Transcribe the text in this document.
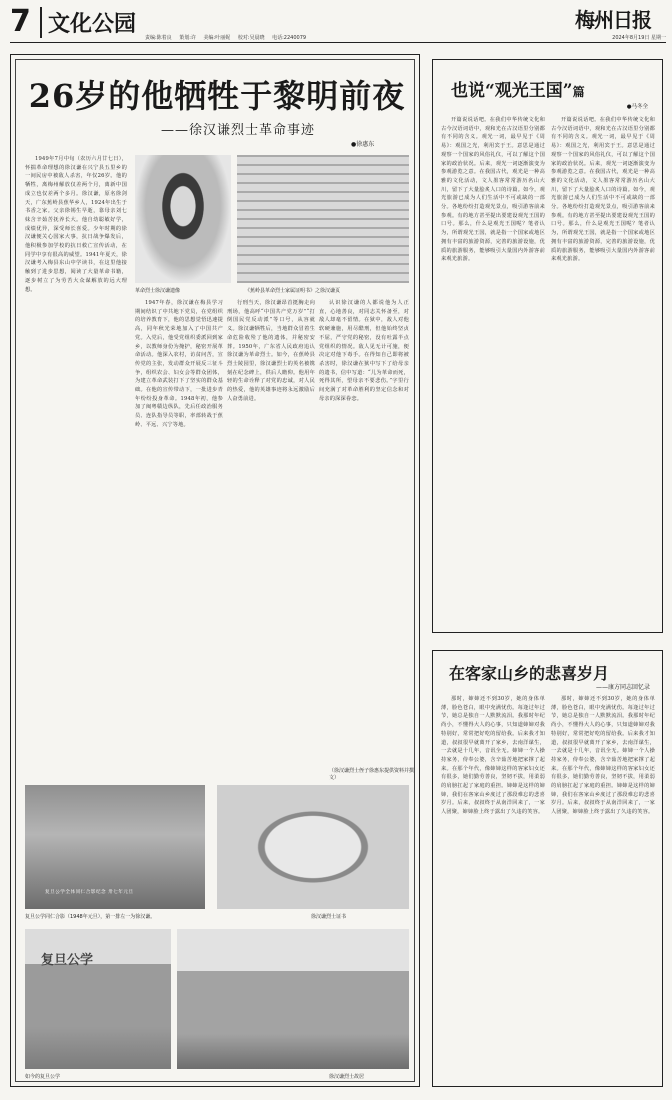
7 文化公园
责编:陈着良 策划:许 美编:叶丽妮 校对:吴晨晓 电话:2240079
梅州日报
2024年8月19日 星期一
26岁的他牺牲于黎明前夜
——徐汉谦烈士革命事迹
●徐惠东
1949年7月中旬（农历六月廿七日），怀揣革命理想的徐汉谦在兴宁县五里乡的一间民房中被敌人杀害，年仅26岁。他的牺牲，离梅州解放仅差两个月，离新中国成立也仅差两个多月。徐汉谦，原名徐剑天，广东蕉岭县蕉华乡人，1924年出生于书香之家。父亲徐锡生早逝，靠母亲刘七妹含辛茹苦抚养长大。他自幼聪敏好学，成绩优异，深受师长喜爱。少年时期的徐汉谦便关心国家大事，抗日战争爆发后，他积极参加学校的抗日救亡宣传活动，在同学中享有很高的威望。1941年夏天，徐汉谦考入梅县东山中学读书，在这里他接触到了进步思想，阅读了大量革命书籍，逐步树立了为劳苦大众谋解放的远大理想。	革命烈士徐汉谦遗像	《蕉岭县革命烈士家属证明书》之徐汉谦页
1947年春，徐汉谦在梅县学习期间结识了中共地下党员，在党组织的培养教育下，他的思想觉悟迅速提高，同年秋光荣地加入了中国共产党。入党后，他受党组织委派回到家乡，以教师身份为掩护，秘密开展革命活动。他深入农村，访贫问苦，宣传党的主张，发动群众开展反三征斗争，组织农会、妇女会等群众团体，为建立革命武装打下了坚实的群众基础。在他的宣传带动下，一批进步青年纷纷投身革命。1948年初，他参加了闽粤赣边纵队，先后任政治服务员、连队指导员等职，率部转战于蕉岭、平远、兴宁等地。
行刑当天，徐汉谦昂首挺胸走向刑场，他高呼“中国共产党万岁”“打倒国民党反动派”等口号，从容就义。徐汉谦牺牲后，当地群众冒着生命危险收殓了他的遗体，并秘密安葬。1950年，广东省人民政府追认徐汉谦为革命烈士。如今，在蕉岭县烈士陵园里，徐汉谦烈士的英名被镌刻在纪念碑上，供后人瞻仰。他用年轻的生命诠释了对党的忠诚，对人民的热爱，他的英雄事迹将永远激励后人奋勇前进。
认识徐汉谦的人都说他为人正直，心地善良，对同志关怀备至，对敌人却毫不留情。在狱中，敌人对他软硬兼施，用尽酷刑，但他始终坚贞不屈，严守党的秘密，没有吐露半点党组织的情况。敌人见无计可施，便决定对他下毒手。在得知自己即将被杀害时，徐汉谦在狱中写下了给母亲的遗书，信中写道：“儿为革命而死，死得其所，望母亲不要悲伤。”字里行间充满了对革命胜利的坚定信念和对母亲的深深眷恋。
（徐汉谦烈士侄子徐惠东提供资料并撰文）
复旦公学全体同仁合影纪念 卅七年元旦
复旦公学同仁合影（1948年元旦），第一排左一为徐汉谦。	徐汉谦烈士证书
复旦公学
如今的复旦公学	徐汉谦烈士故居
也说“观光王国”篇
●马冬全
开篇说说话吧。在我们中华传统文化和古今汉语词语中，观和光在古汉语里分别都有不同的含义。观光一词，最早见于《周易》：观国之光，利用宾于王。意思是通过观察一个国家的风俗礼仪，可以了解这个国家的政治状况。后来，观光一词逐渐演变为参观游览之意。在我国古代，观光是一种高雅的文化活动，文人墨客常常游历名山大川，留下了大量脍炙人口的诗篇。如今，观光旅游已成为人们生活中不可或缺的一部分。各地纷纷打造观光景点，吸引游客前来参观。有的地方甚至提出要建设观光王国的口号。那么，什么是观光王国呢？笔者认为，所谓观光王国，就是指一个国家或地区拥有丰富的旅游资源，完善的旅游设施，优质的旅游服务，能够吸引大量国内外游客前来观光旅游。
开篇说说话吧。在我们中华传统文化和古今汉语词语中，观和光在古汉语里分别都有不同的含义。观光一词，最早见于《周易》：观国之光，利用宾于王。意思是通过观察一个国家的风俗礼仪，可以了解这个国家的政治状况。后来，观光一词逐渐演变为参观游览之意。在我国古代，观光是一种高雅的文化活动，文人墨客常常游历名山大川，留下了大量脍炙人口的诗篇。如今，观光旅游已成为人们生活中不可或缺的一部分。各地纷纷打造观光景点，吸引游客前来参观。有的地方甚至提出要建设观光王国的口号。那么，什么是观光王国呢？笔者认为，所谓观光王国，就是指一个国家或地区拥有丰富的旅游资源，完善的旅游设施，优质的旅游服务，能够吸引大量国内外游客前来观光旅游。
在客家山乡的悲喜岁月
——康方同志回忆录
那时，婶婶还不到30岁，她的身体单薄，脸色苍白，眼中充满忧伤。每逢过年过节，她总是独自一人默默流泪。我那时年纪尚小，不懂得大人的心事，只知道婶婶对我特别好，常常把好吃的留给我。后来我才知道，叔叔很早就离开了家乡，去南洋谋生，一去就是十几年，音讯全无。婶婶一个人操持家务，侍奉公婆，含辛茹苦地把家撑了起来。在那个年代，像婶婶这样的客家妇女还有很多，她们勤劳善良，坚韧不拔，用柔弱的肩膀扛起了家庭的重担。婶婶是这样的婶婶，我们在客家山乡度过了那段难忘的悲喜岁月。后来，叔叔终于从南洋回来了，一家人团聚，婶婶脸上终于露出了久违的笑容。
那时，婶婶还不到30岁，她的身体单薄，脸色苍白，眼中充满忧伤。每逢过年过节，她总是独自一人默默流泪。我那时年纪尚小，不懂得大人的心事，只知道婶婶对我特别好，常常把好吃的留给我。后来我才知道，叔叔很早就离开了家乡，去南洋谋生，一去就是十几年，音讯全无。婶婶一个人操持家务，侍奉公婆，含辛茹苦地把家撑了起来。在那个年代，像婶婶这样的客家妇女还有很多，她们勤劳善良，坚韧不拔，用柔弱的肩膀扛起了家庭的重担。婶婶是这样的婶婶，我们在客家山乡度过了那段难忘的悲喜岁月。后来，叔叔终于从南洋回来了，一家人团聚，婶婶脸上终于露出了久违的笑容。
